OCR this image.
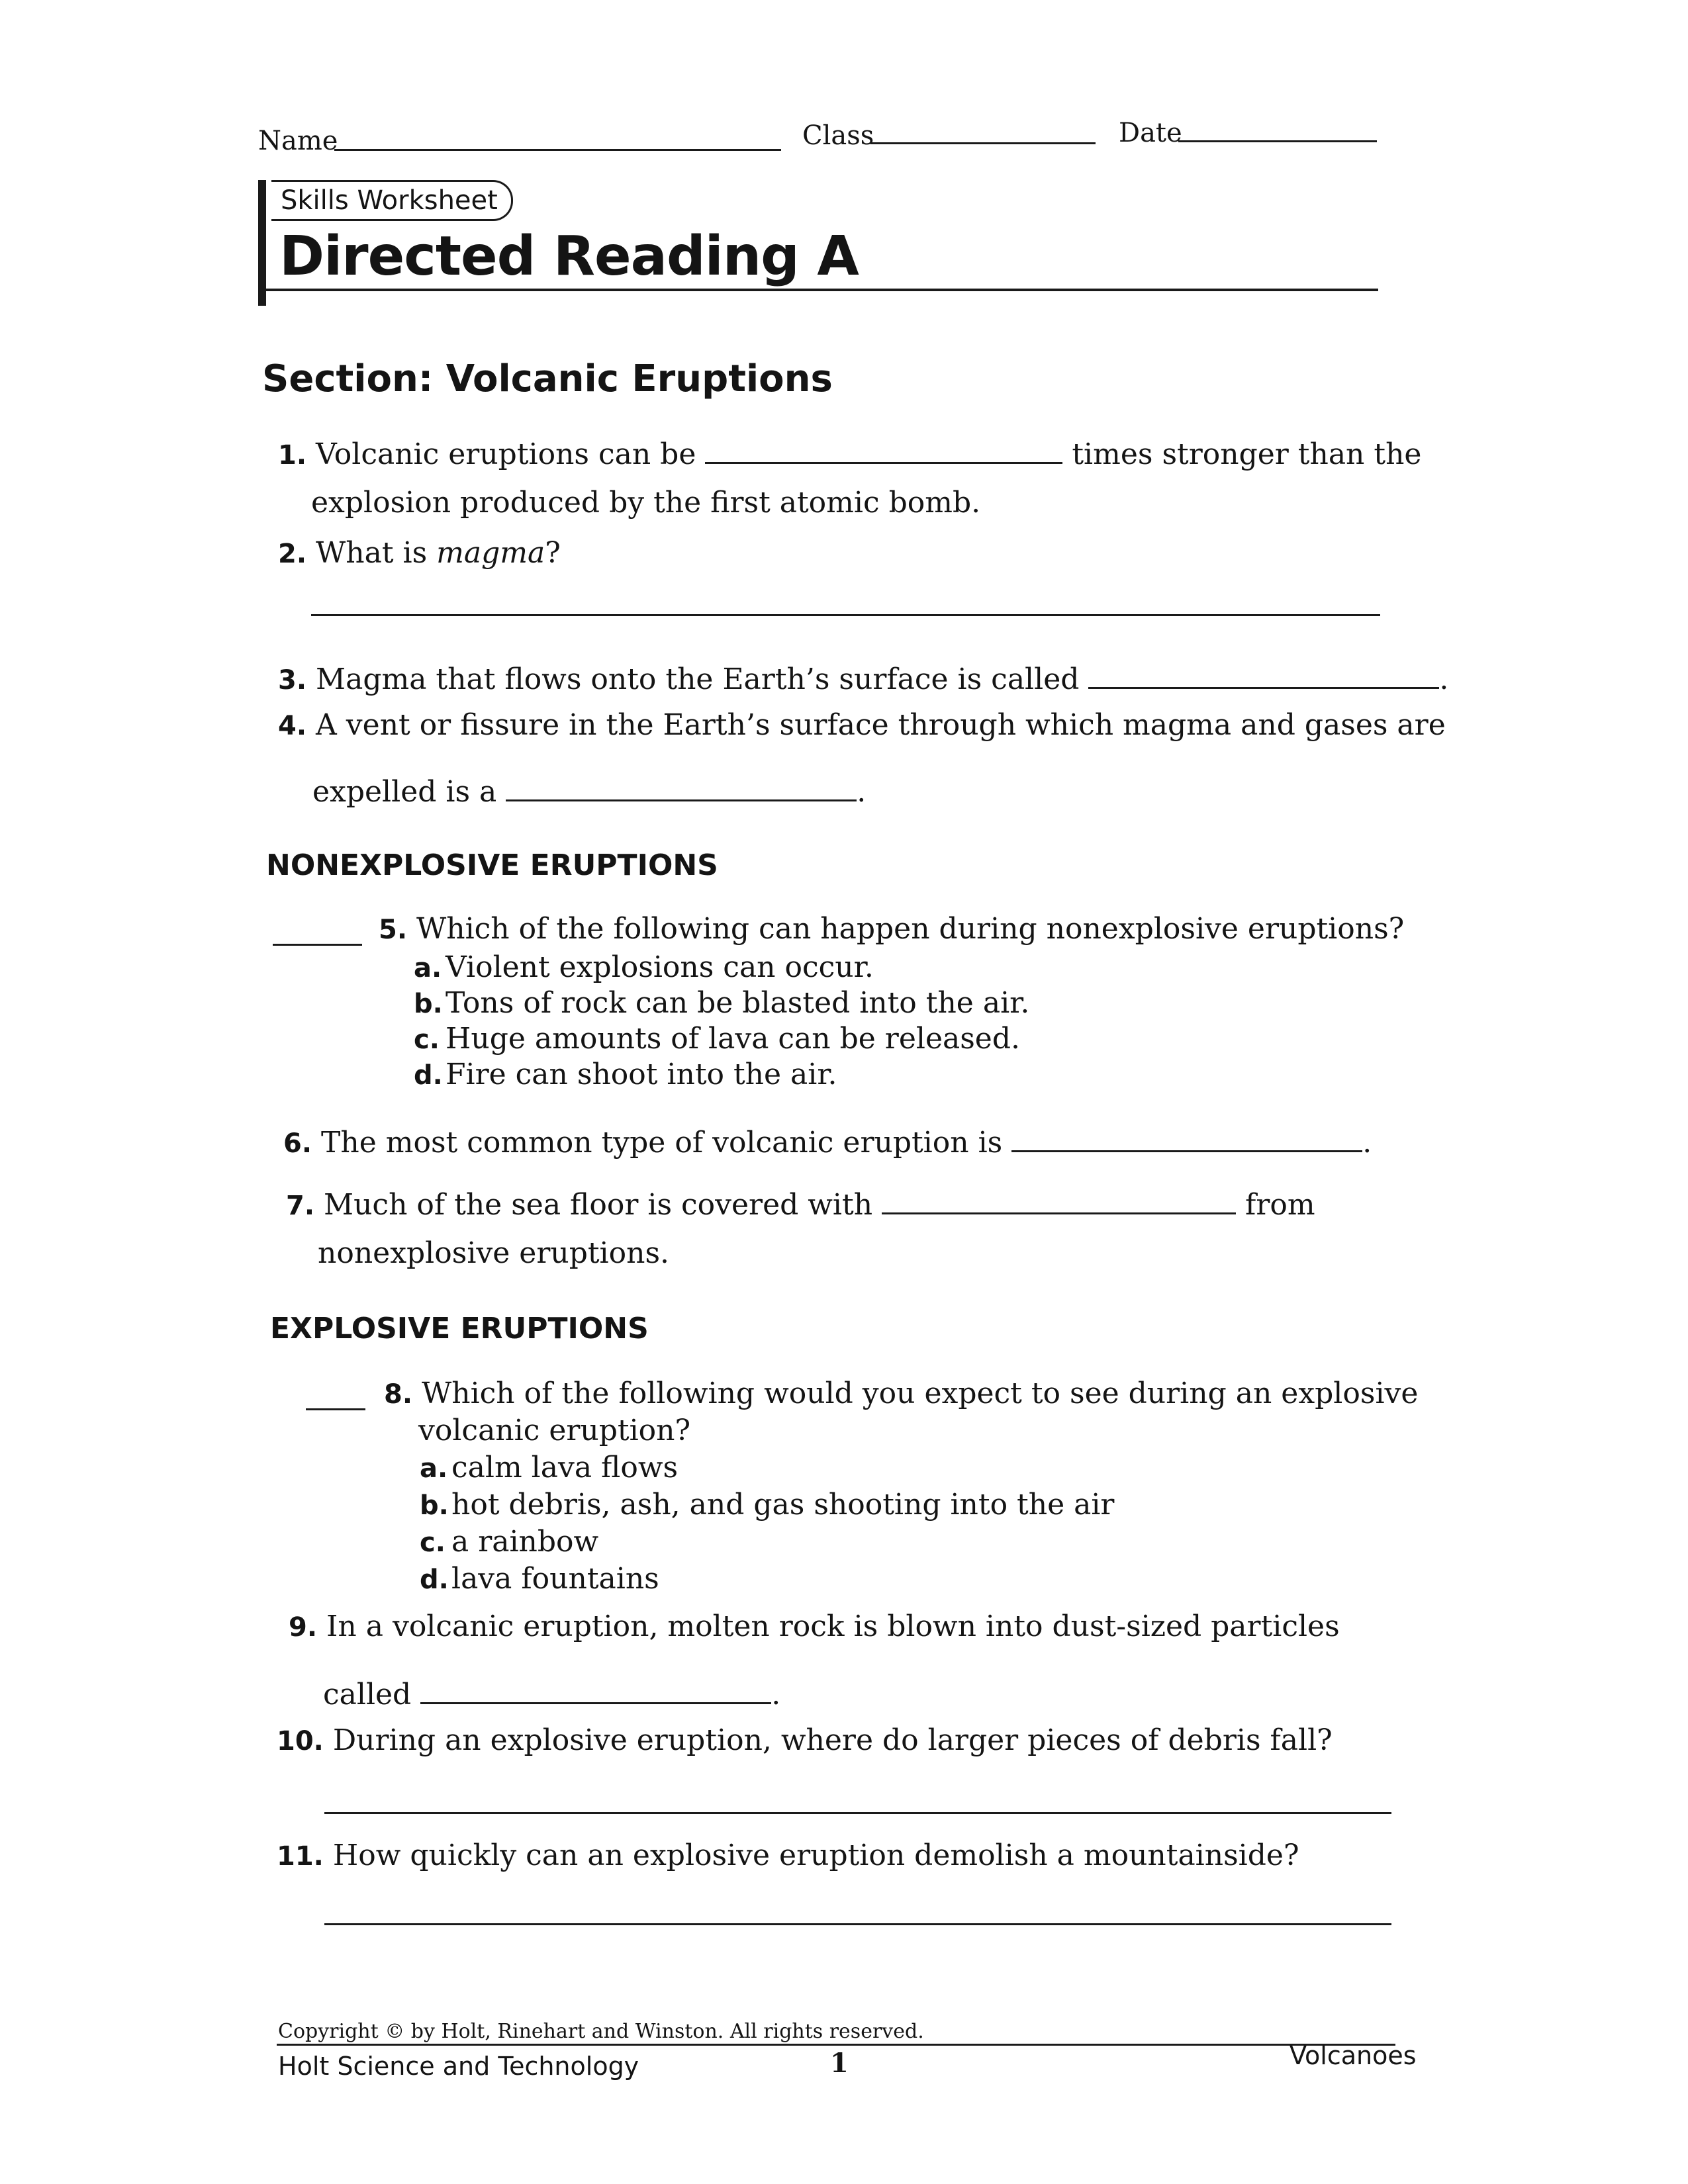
Name	Class	Date
Skills Worksheet
Directed Reading A
Section: Volcanic Eruptions
1. Volcanic eruptions can be	times stronger than the
explosion produced by the first atomic bomb.
2. What is magma?
3. Magma that flows onto the Earth’s surface is called	.
4. A vent or fissure in the Earth’s surface through which magma and gases are
expelled is a	.
NONEXPLOSIVE ERUPTIONS
5. Which of the following can happen during nonexplosive eruptions?
a. Violent explosions can occur.
b.Tons of rock can be blasted into the air.
c. Huge amounts of lava can be released.
d.Fire can shoot into the air.
6. The most common type of volcanic eruption is	.
7. Much of the sea floor is covered with	from
nonexplosive eruptions.
EXPLOSIVE ERUPTIONS
8. Which of the following would you expect to see during an explosive
volcanic eruption?
a. calm lava flows
b.hot debris, ash, and gas shooting into the air
c. a rainbow
d.lava fountains
9. In a volcanic eruption, molten rock is blown into dust-sized particles
called	.
10. During an explosive eruption, where do larger pieces of debris fall?
11. How quickly can an explosive eruption demolish a mountainside?
Copyright © by Holt, Rinehart and Winston. All rights reserved.
Holt Science and Technology	1	Volcanoes
